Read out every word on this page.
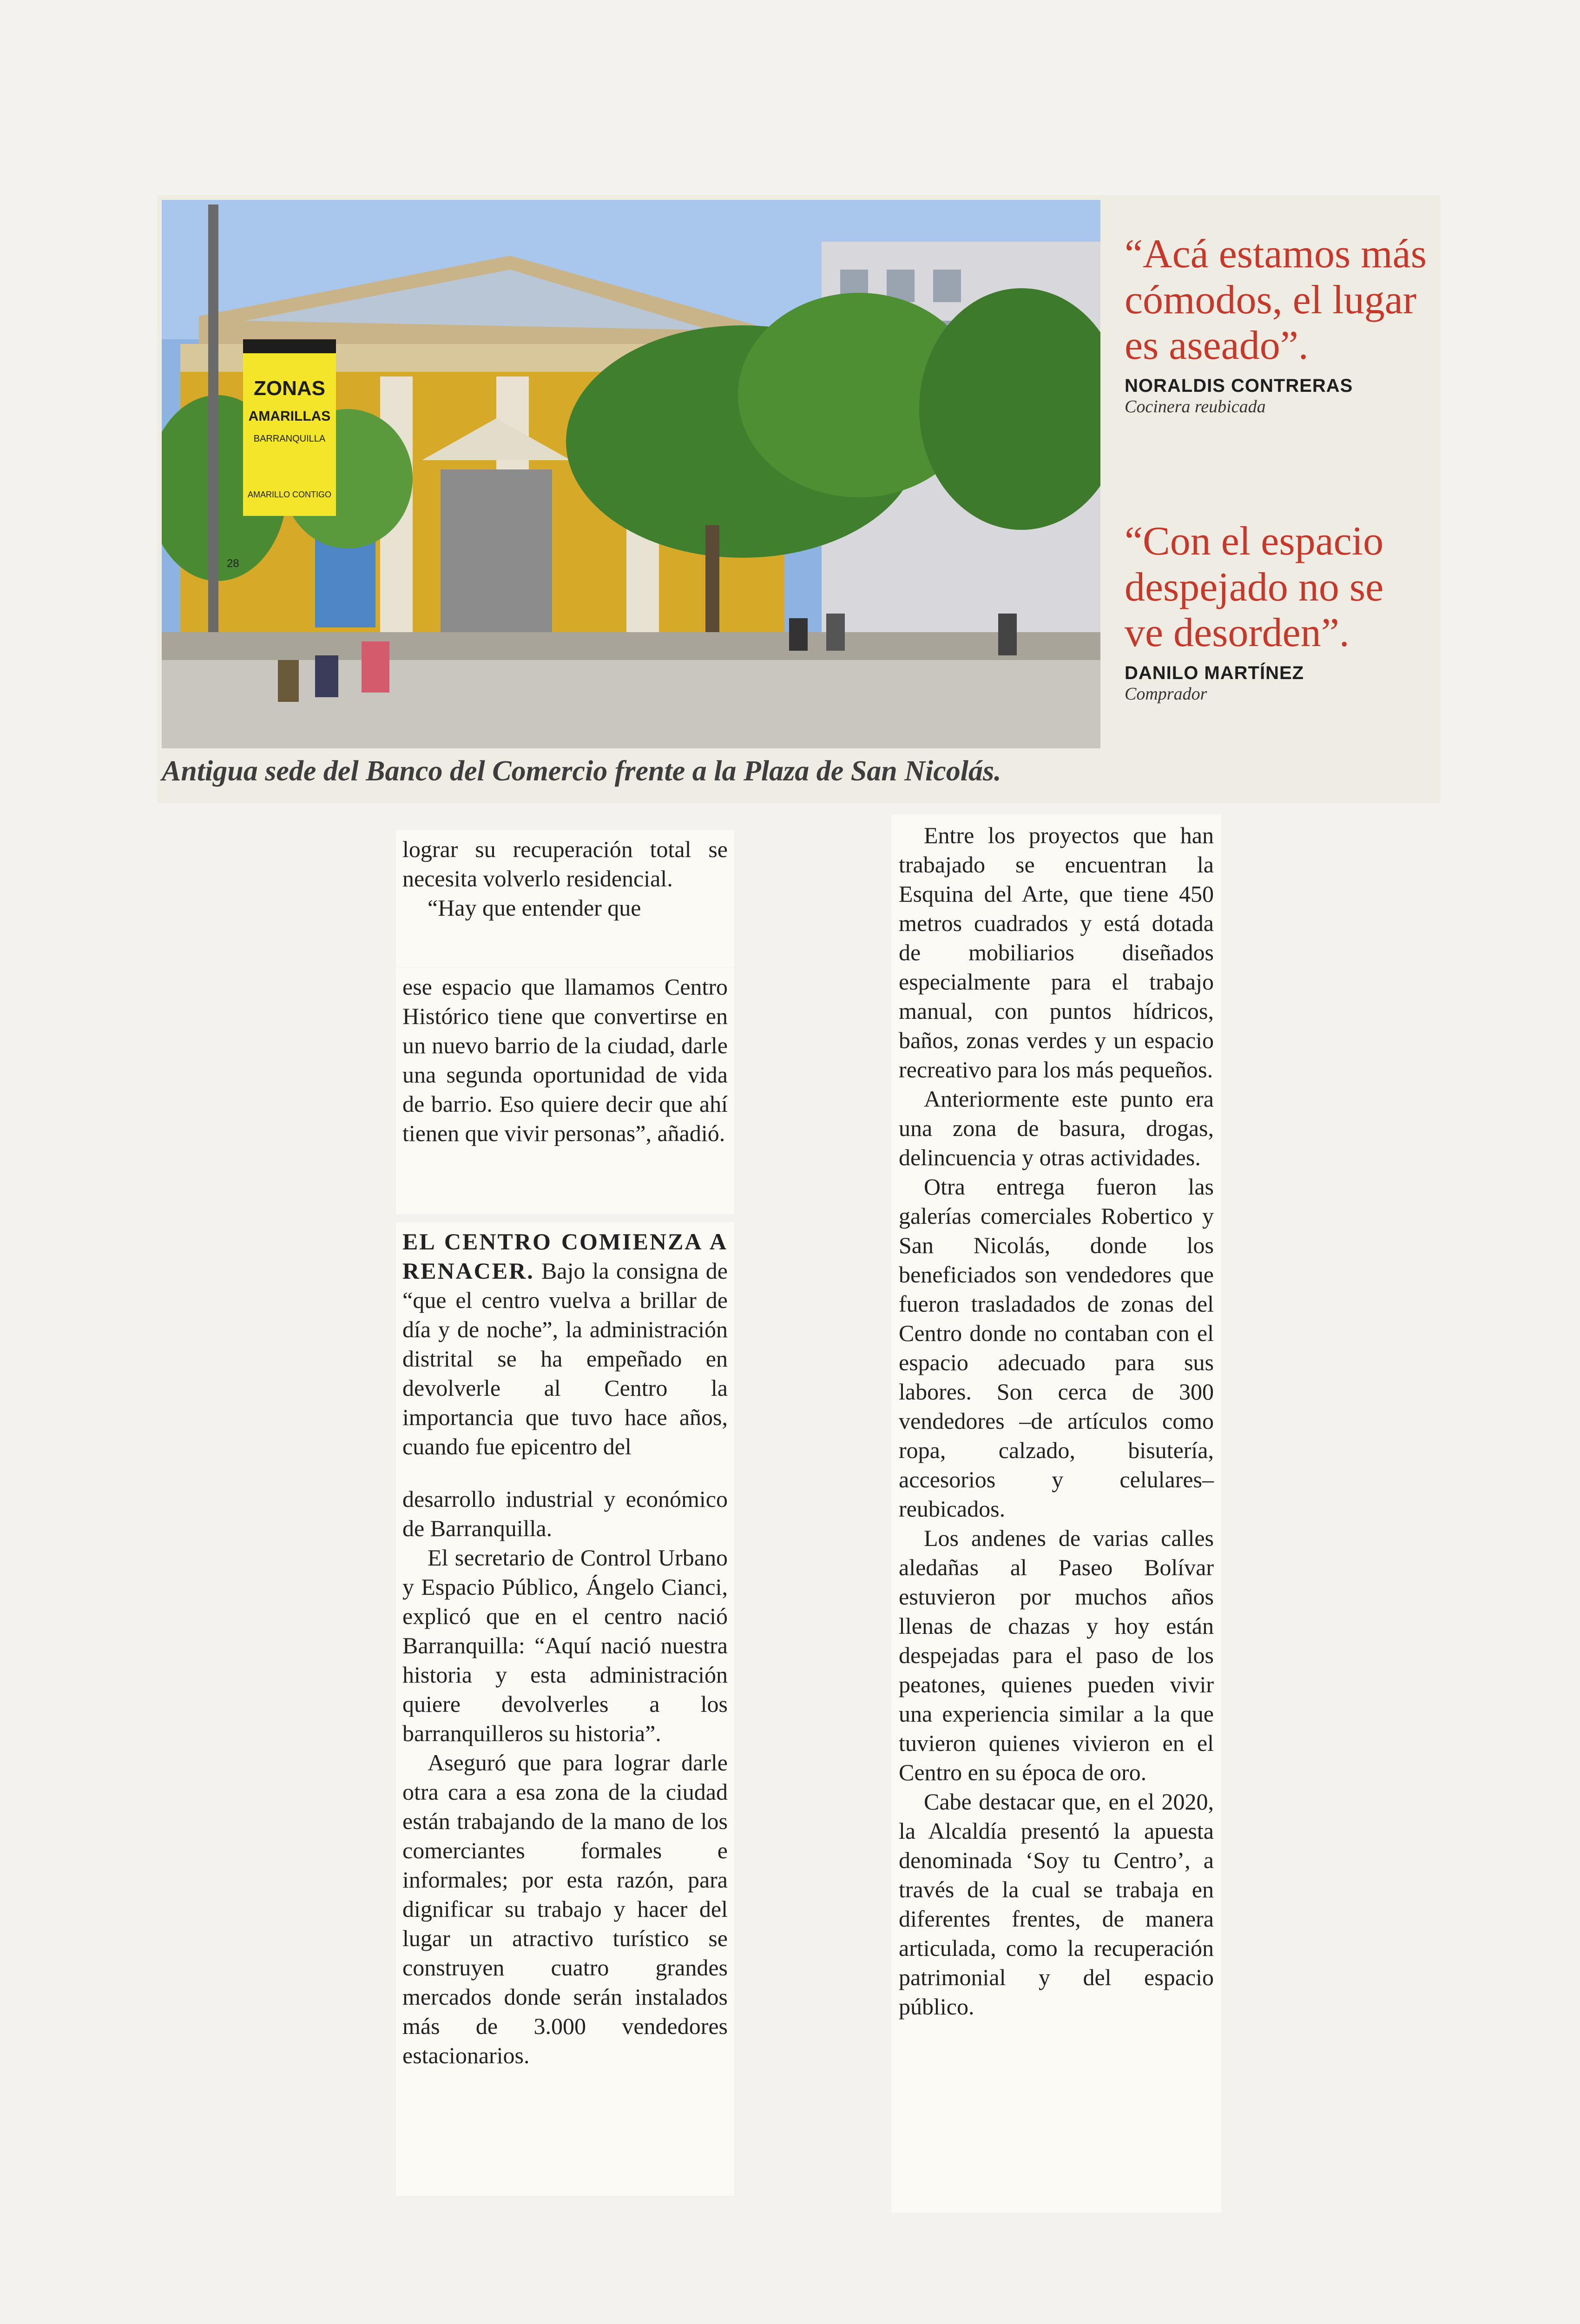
ZONAS
AMARILLAS
BARRANQUILLA
AMARILLO CONTIGO
28
Antigua sede del Banco del Comercio frente a la Plaza de San Nicolás.

“Acá estamos más cómodos, el lugar es aseado”.

NORALDIS CONTRERAS

Cocinera reubicada

“Con el espacio despejado no se ve desorden”.

DANILO MARTÍNEZ

Comprador

lograr su recuperación total se necesita volverlo residencial.

“Hay que entender que

ese espacio que llamamos Centro Histórico tiene que convertirse en un nuevo barrio de la ciudad, darle una segunda oportunidad de vida de barrio. Eso quiere decir que ahí tienen que vivir personas”, añadió.

EL CENTRO COMIENZA A RENACER. Bajo la consigna de “que el centro vuelva a brillar de día y de noche”, la administración distrital se ha empeñado en devolverle al Centro la importancia que tuvo hace años, cuando fue epicentro del

desarrollo industrial y económico de Barranquilla.

El secretario de Control Urbano y Espacio Público, Ángelo Cianci, explicó que en el centro nació Barranquilla: “Aquí nació nuestra historia y esta administración quiere devolverles a los barranquilleros su historia”.

Aseguró que para lograr darle otra cara a esa zona de la ciudad están trabajando de la mano de los comerciantes formales e informales; por esta razón, para dignificar su trabajo y hacer del lugar un atractivo turístico se construyen cuatro grandes mercados donde serán instalados más de 3.000 vendedores estacionarios.

Entre los proyectos que han trabajado se encuentran la Esquina del Arte, que tiene 450 metros cuadrados y está dotada de mobiliarios diseñados especialmente para el trabajo manual, con puntos hídricos, baños, zonas verdes y un espacio recreativo para los más pequeños.

Anteriormente este punto era una zona de basura, drogas, delincuencia y otras actividades.

Otra entrega fueron las galerías comerciales Robertico y San Nicolás, donde los beneficiados son vendedores que fueron trasladados de zonas del Centro donde no contaban con el espacio adecuado para sus labores. Son cerca de 300 vendedores –de artículos como ropa, calzado, bisutería, accesorios y celulares– reubicados.

Los andenes de varias calles aledañas al Paseo Bolívar estuvieron por muchos años llenas de chazas y hoy están despejadas para el paso de los peatones, quienes pueden vivir una experiencia similar a la que tuvieron quienes vivieron en el Centro en su época de oro.

Cabe destacar que, en el 2020, la Alcaldía presentó la apuesta denominada ‘Soy tu Centro’, a través de la cual se trabaja en diferentes frentes, de manera articulada, como la recuperación patrimonial y del espacio público.
